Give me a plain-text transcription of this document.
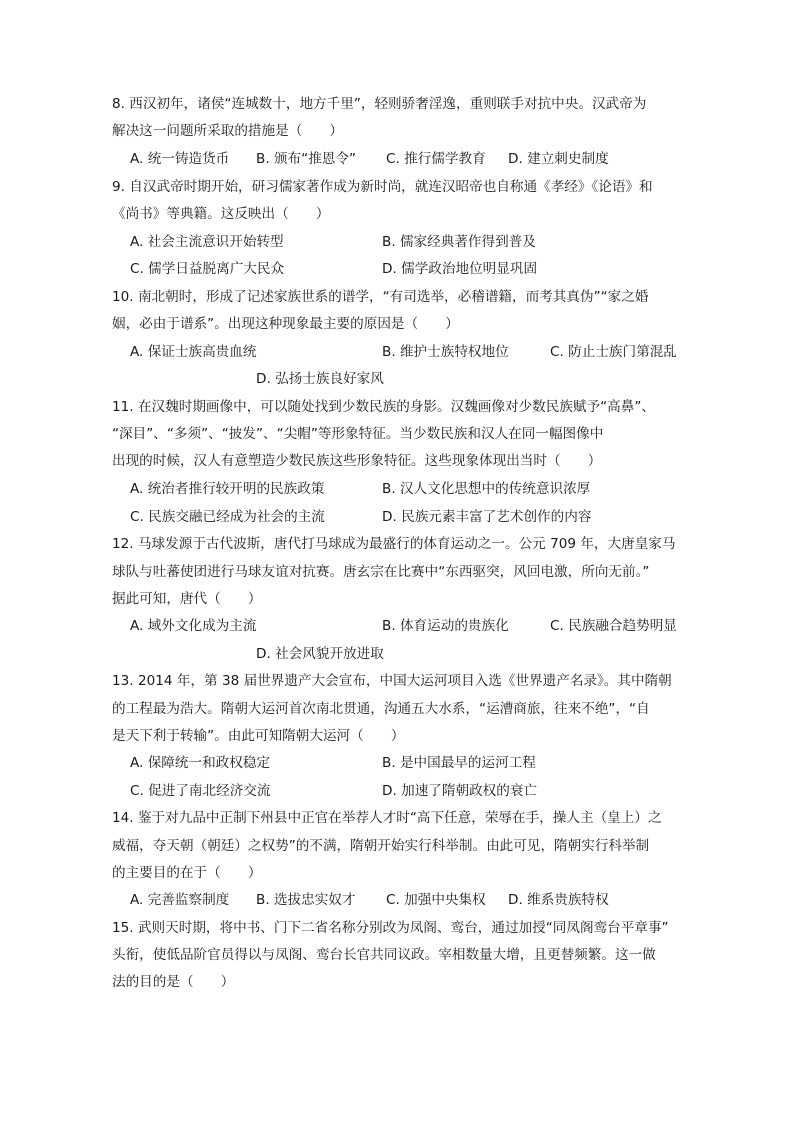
8. 西汉初年，诸侯“连城数十，地方千里”，轻则骄奢淫逸，重则联手对抗中央。汉武帝为
解决这一问题所采取的措施是（　　）
A. 统一铸造货币 B. 颁布“推恩令” C. 推行儒学教育 D. 建立刺史制度
9. 自汉武帝时期开始，研习儒家著作成为新时尚，就连汉昭帝也自称通《孝经》《论语》和
《尚书》等典籍。这反映出（　　）
A. 社会主流意识开始转型	B. 儒家经典著作得到普及
C. 儒学日益脱离广大民众	D. 儒学政治地位明显巩固
10. 南北朝时，形成了记述家族世系的谱学，“有司选举，必稽谱籍，而考其真伪”“家之婚
姻，必由于谱系”。出现这种现象最主要的原因是（　　）
A. 保证士族高贵血统	B. 维护士族特权地位	C. 防止士族门第混乱
D. 弘扬士族良好家风
11. 在汉魏时期画像中，可以随处找到少数民族的身影。汉魏画像对少数民族赋予“高鼻”、
“深目”、“多须”、“披发”、“尖帽”等形象特征。当少数民族和汉人在同一幅图像中
出现的时候，汉人有意塑造少数民族这些形象特征。这些现象体现出当时（　　）
A. 统治者推行较开明的民族政策	B. 汉人文化思想中的传统意识浓厚
C. 民族交融已经成为社会的主流	D. 民族元素丰富了艺术创作的内容
12. 马球发源于古代波斯，唐代打马球成为最盛行的体育运动之一。公元 709 年，大唐皇家马
球队与吐蕃使团进行马球友谊对抗赛。唐玄宗在比赛中“东西驱突，风回电激，所向无前。”
据此可知，唐代（　　）
A. 域外文化成为主流	B. 体育运动的贵族化	C. 民族融合趋势明显
D. 社会风貌开放进取
13. 2014 年，第 38 届世界遗产大会宣布，中国大运河项目入选《世界遗产名录》。其中隋朝
的工程最为浩大。隋朝大运河首次南北贯通，沟通五大水系，“运漕商旅，往来不绝”，“自
是天下利于转输”。由此可知隋朝大运河（　　）
A. 保障统一和政权稳定	B. 是中国最早的运河工程
C. 促进了南北经济交流	D. 加速了隋朝政权的衰亡
14. 鉴于对九品中正制下州县中正官在举荐人才时“高下任意，荣辱在手，操人主（皇上）之
威福，夺天朝（朝廷）之权势”的不满，隋朝开始实行科举制。由此可见，隋朝实行科举制
的主要目的在于（　　）
A. 完善监察制度 B. 选拔忠实奴才 C. 加强中央集权 D. 维系贵族特权
15. 武则天时期，将中书、门下二省名称分别改为凤阁、鸾台，通过加授“同凤阁鸾台平章事”
头衔，使低品阶官员得以与凤阁、鸾台长官共同议政。宰相数量大增，且更替频繁。这一做
法的目的是（　　）
